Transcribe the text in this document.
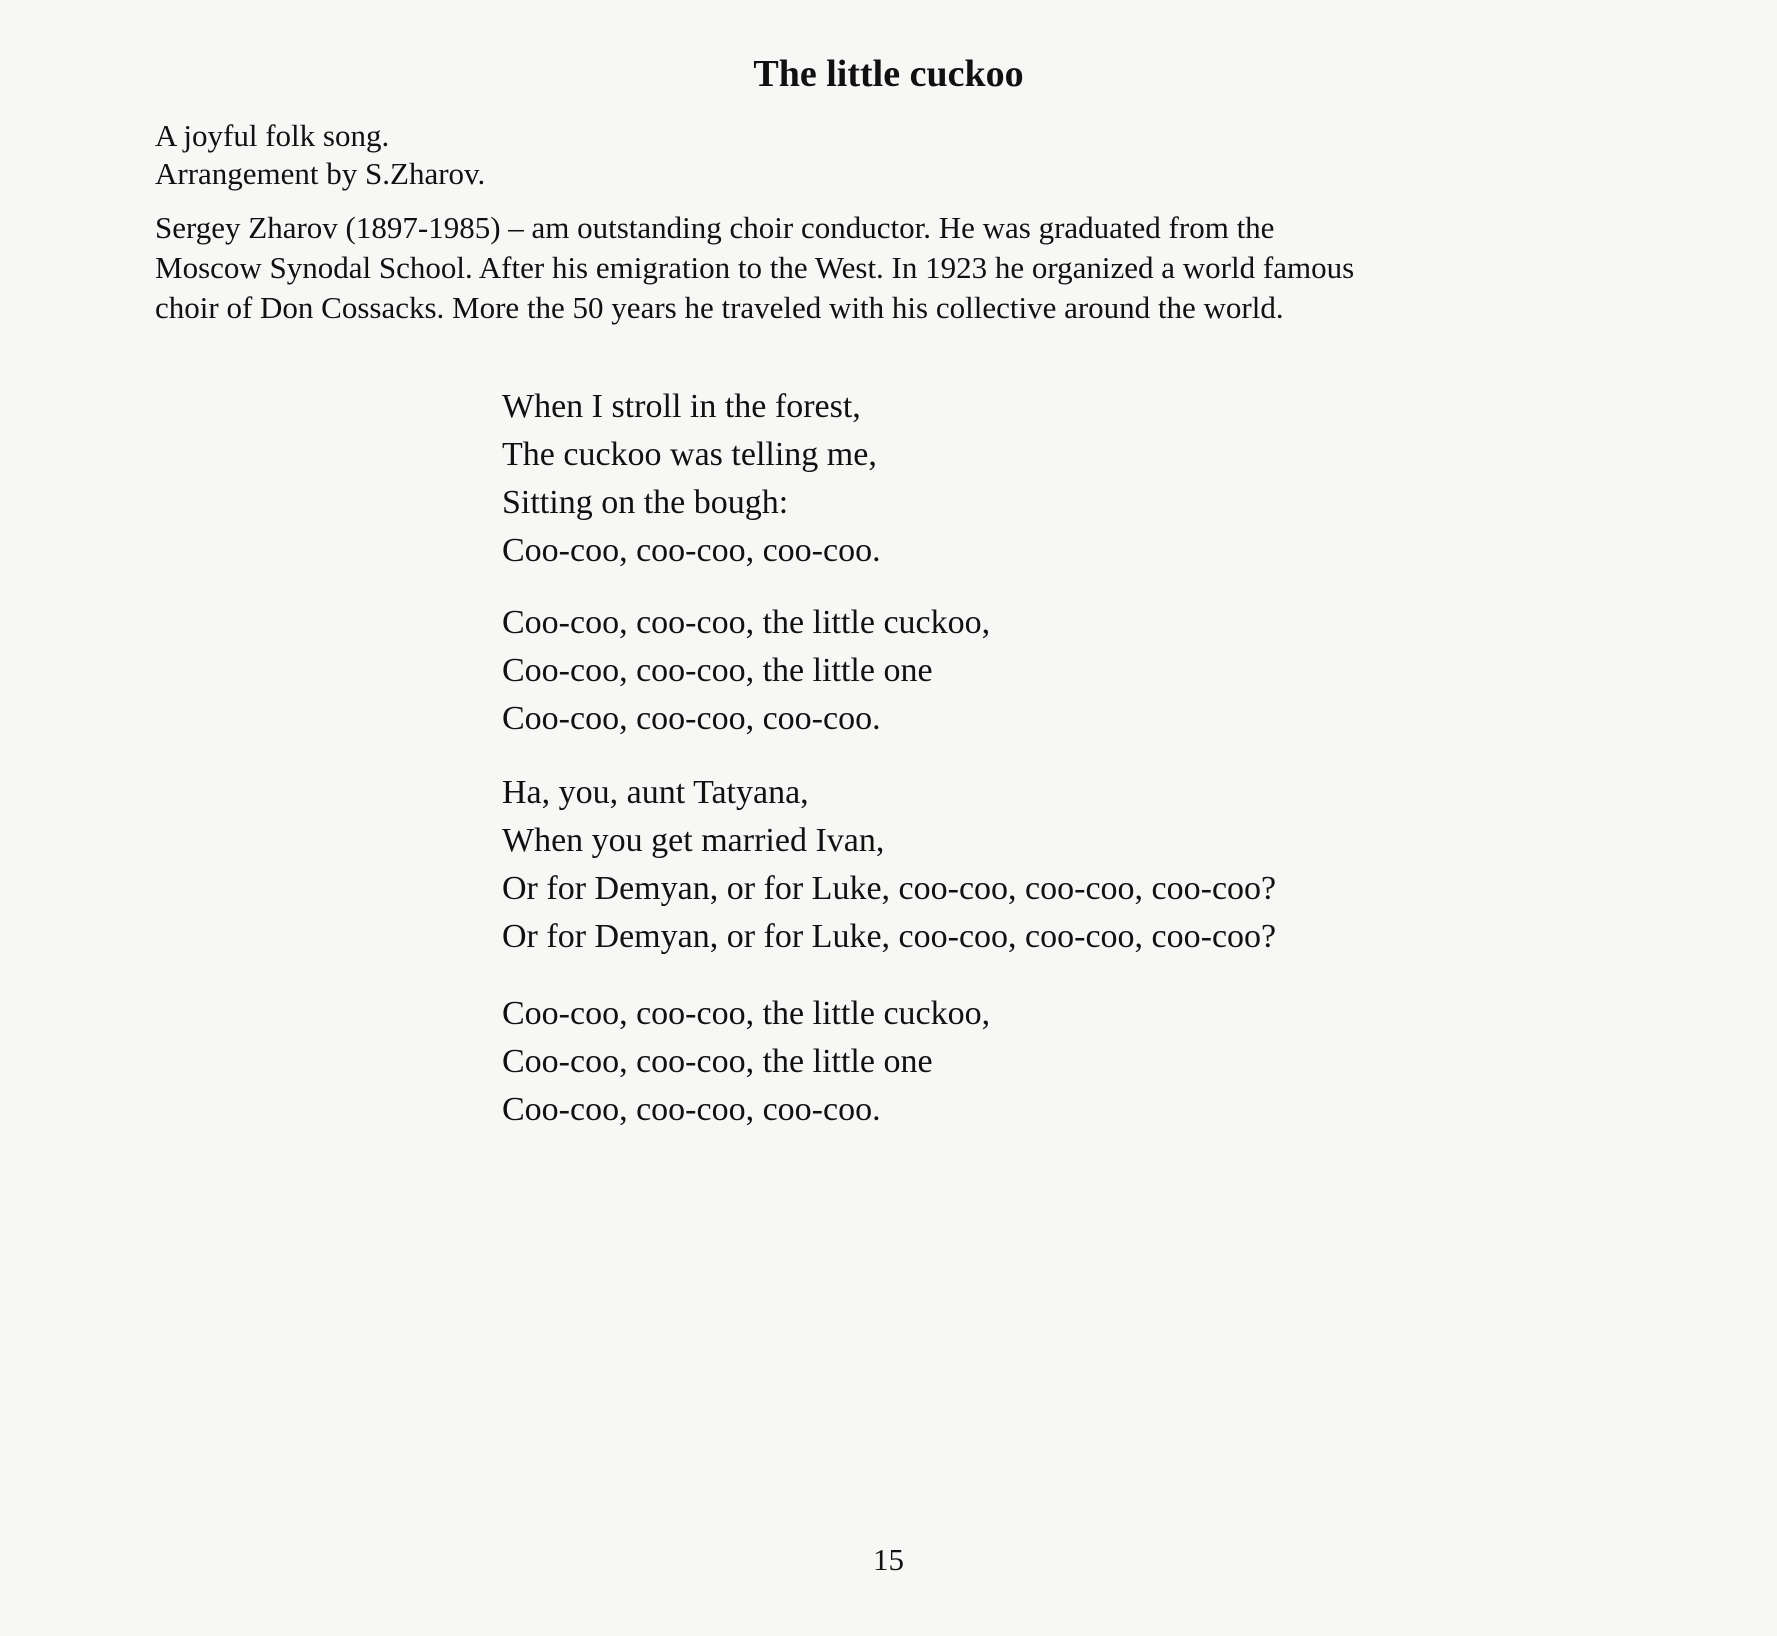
The little cuckoo
A joyful folk song.
Arrangement by S.Zharov.
Sergey Zharov (1897-1985) – am outstanding choir conductor. He was graduated from the
Moscow Synodal School. After his emigration to the West. In 1923 he organized a world famous
choir of Don Cossacks. More the 50 years he traveled with his collective around the world.
When I stroll in the forest,
The cuckoo was telling me,
Sitting on the bough:
Coo-coo, coo-coo, coo-coo.
Coo-coo, coo-coo, the little cuckoo,
Coo-coo, coo-coo, the little one
Coo-coo, coo-coo, coo-coo.
Ha, you, aunt Tatyana,
When you get married Ivan,
Or for Demyan, or for Luke, coo-coo, coo-coo, coo-coo?
Or for Demyan, or for Luke, coo-coo, coo-coo, coo-coo?
Coo-coo, coo-coo, the little cuckoo,
Coo-coo, coo-coo, the little one
Coo-coo, coo-coo, coo-coo.
15
